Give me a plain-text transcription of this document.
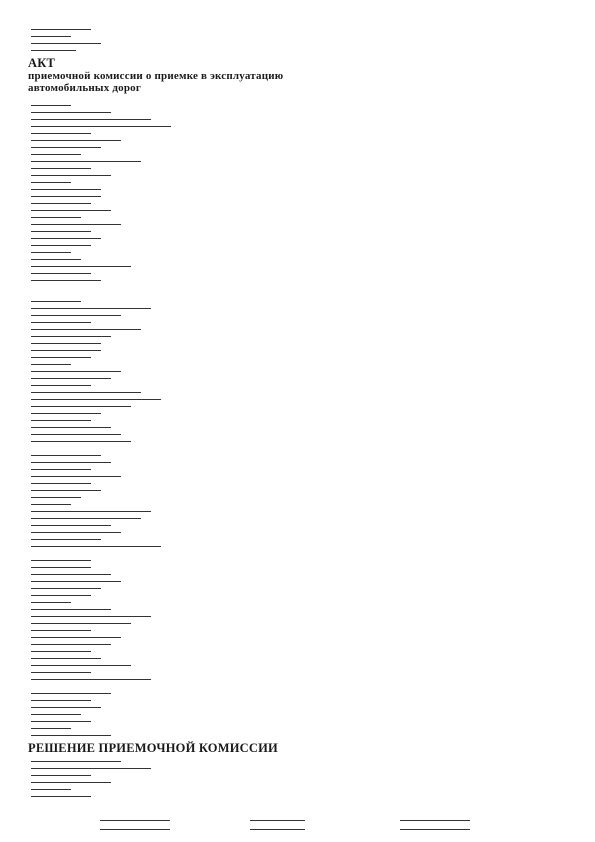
АКТ
приемочной комиссии о приемке в эксплуатацию
автомобильных дорог
РЕШЕНИЕ ПРИЕМОЧНОЙ КОМИССИИ
